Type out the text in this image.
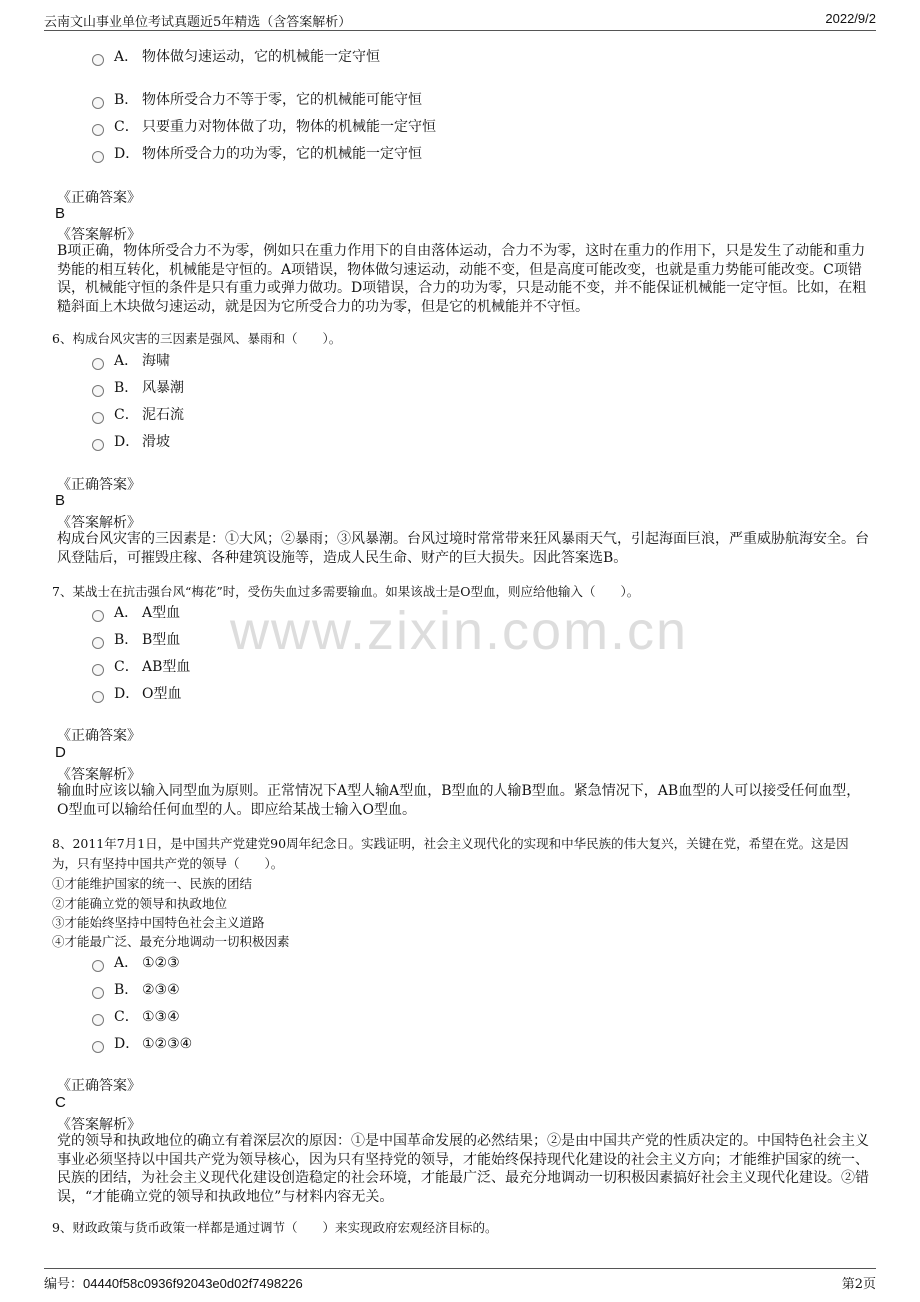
云南文山事业单位考试真题近5年精选（含答案解析）	2022/9/2
www.zixin.com.cn
A． 物体做匀速运动，它的机械能一定守恒
B． 物体所受合力不等于零，它的机械能可能守恒
C． 只要重力对物体做了功，物体的机械能一定守恒
D． 物体所受合力的功为零，它的机械能一定守恒
《正确答案》
B
《答案解析》
B项正确，物体所受合力不为零，例如只在重力作用下的自由落体运动，合力不为零，这时在重力的作用下，只是发生了动能和重力势能的相互转化，机械能是守恒的。A项错误，物体做匀速运动，动能不变，但是高度可能改变，也就是重力势能可能改变。C项错误，机械能守恒的条件是只有重力或弹力做功。D项错误，合力的功为零，只是动能不变，并不能保证机械能一定守恒。比如，在粗糙斜面上木块做匀速运动，就是因为它所受合力的功为零，但是它的机械能并不守恒。
6、构成台风灾害的三因素是强风、暴雨和（　　）。
A． 海啸
B． 风暴潮
C． 泥石流
D． 滑坡
《正确答案》
B
《答案解析》
构成台风灾害的三因素是：①大风；②暴雨；③风暴潮。台风过境时常常带来狂风暴雨天气，引起海面巨浪，严重威胁航海安全。台风登陆后，可摧毁庄稼、各种建筑设施等，造成人民生命、财产的巨大损失。因此答案选B。
7、某战士在抗击强台风“梅花”时，受伤失血过多需要输血。如果该战士是O型血，则应给他输入（　　）。
A． A型血
B． B型血
C． AB型血
D． O型血
《正确答案》
D
《答案解析》
输血时应该以输入同型血为原则。正常情况下A型人输A型血，B型血的人输B型血。紧急情况下，AB血型的人可以接受任何血型，O型血可以输给任何血型的人。即应给某战士输入O型血。
8、2011年7月1日，是中国共产党建党90周年纪念日。实践证明，社会主义现代化的实现和中华民族的伟大复兴，关键在党，希望在党。这是因为，只有坚持中国共产党的领导（　　）。
①才能维护国家的统一、民族的团结
②才能确立党的领导和执政地位
③才能始终坚持中国特色社会主义道路
④才能最广泛、最充分地调动一切积极因素
A． ①②③
B． ②③④
C． ①③④
D． ①②③④
《正确答案》
C
《答案解析》
党的领导和执政地位的确立有着深层次的原因：①是中国革命发展的必然结果；②是由中国共产党的性质决定的。中国特色社会主义事业必须坚持以中国共产党为领导核心，因为只有坚持党的领导，才能始终保持现代化建设的社会主义方向；才能维护国家的统一、民族的团结，为社会主义现代化建设创造稳定的社会环境，才能最广泛、最充分地调动一切积极因素搞好社会主义现代化建设。②错误，“才能确立党的领导和执政地位”与材料内容无关。
9、财政政策与货币政策一样都是通过调节（　　）来实现政府宏观经济目标的。
编号：04440f58c0936f92043e0d02f7498226	第2页
